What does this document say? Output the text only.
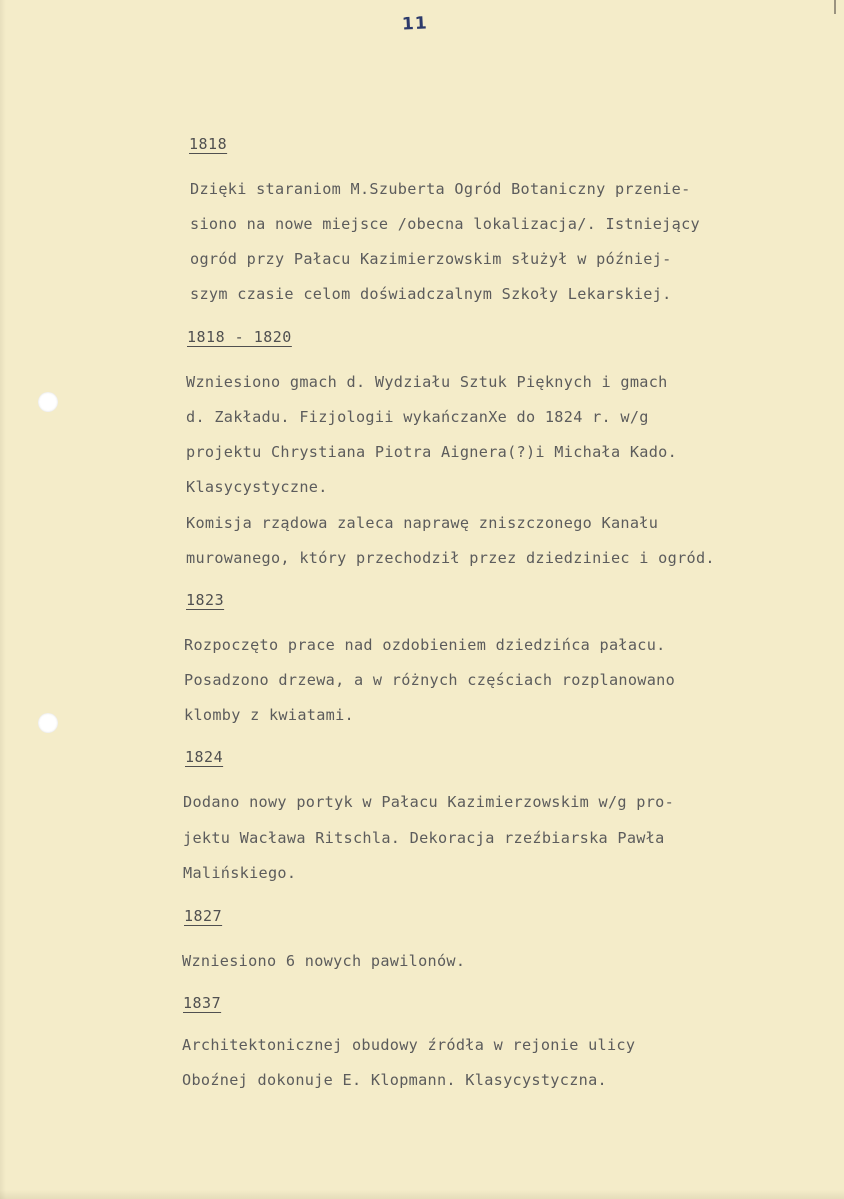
11
1818
Dzięki staraniom M.Szuberta Ogród Botaniczny przenie-
siono na nowe miejsce /obecna lokalizacja/. Istniejący
ogród przy Pałacu Kazimierzowskim służył w później-
szym czasie celom doświadczalnym Szkoły Lekarskiej.
1818 - 1820
Wzniesiono gmach d. Wydziału Sztuk Pięknych i gmach
d. Zakładu. Fizjologii wykańczanXe do 1824 r. w/g
projektu Chrystiana Piotra Aignera(?)i Michała Kado.
Klasycystyczne.
Komisja rządowa zaleca naprawę zniszczonego Kanału
murowanego, który przechodził przez dziedziniec i ogród.
1823
Rozpoczęto prace nad ozdobieniem dziedzińca pałacu.
Posadzono drzewa, a w różnych częściach rozplanowano
klomby z kwiatami.
1824
Dodano nowy portyk w Pałacu Kazimierzowskim w/g pro-
jektu Wacława Ritschla. Dekoracja rzeźbiarska Pawła
Malińskiego.
1827
Wzniesiono 6 nowych pawilonów.
1837
Architektonicznej obudowy źródła w rejonie ulicy
Oboźnej dokonuje E. Klopmann. Klasycystyczna.
